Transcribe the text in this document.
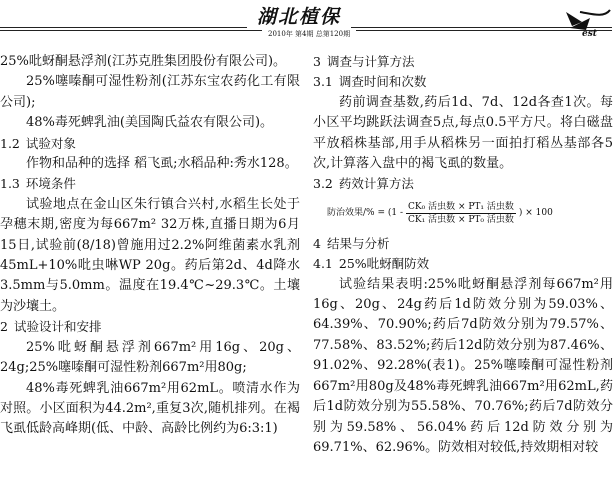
湖北植保
2010年 第4期 总第120期	est

25%吡蚜酮悬浮剂(江苏克胜集团股份有限公司)。

25%噻嗪酮可湿性粉剂(江苏东宝农药化工有限公司);

48%毒死蜱乳油(美国陶氏益农有限公司)。

1.2 试验对象

作物和品种的选择 稻飞虱;水稻品种:秀水128。

1.3 环境条件

试验地点在金山区朱行镇合兴村,水稻生长处于孕穗末期,密度为每667m² 32万株,直播日期为6月15日,试验前(8/18)曾施用过2.2%阿维菌素水乳剂45mL+10%吡虫啉WP 20g。药后第2d、4d降水3.5mm与5.0mm。温度在19.4℃~29.3℃。土壤为沙壤土。

2 试验设计和安排

25%吡蚜酮悬浮剂667m²用16g、20g、24g;25%噻嗪酮可湿性粉剂667m²用80g;

48%毒死蜱乳油667m²用62mL。喷清水作为对照。小区面积为44.2m²,重复3次,随机排列。在褐飞虱低龄高峰期(低、中龄、高龄比例约为6:3:1)

3 调查与计算方法

3.1 调查时间和次数

药前调查基数,药后1d、7d、12d各查1次。每小区平均跳跃法调查5点,每点0.5平方尺。将白磁盘平放稻株基部,用手从稻株另一面拍打稻丛基部各5次,计算落入盘中的褐飞虱的数量。

3.2 药效计算方法

防治效果/% = ($1 - \frac{\text{CK₀ 活虫数 × PT₁ 活虫数}}{\text{CK₁ 活虫数 × PT₀ 活虫数}}$ ) × 100

4 结果与分析

4.1 25%吡蚜酮防效

试验结果表明:25%吡蚜酮悬浮剂每667m²用16g、20g、24g药后1d防效分别为59.03%、64.39%、70.90%;药后7d防效分别为79.57%、77.58%、83.52%;药后12d防效分别为87.46%、91.02%、92.28%(表1)。25%噻嗪酮可湿性粉剂667m²用80g及48%毒死蜱乳油667m²用62mL,药后1d防效分别为55.58%、70.76%;药后7d防效分别为59.58%、56.04%药后12d防效分别为69.71%、62.96%。防效相对较低,持效期相对较
